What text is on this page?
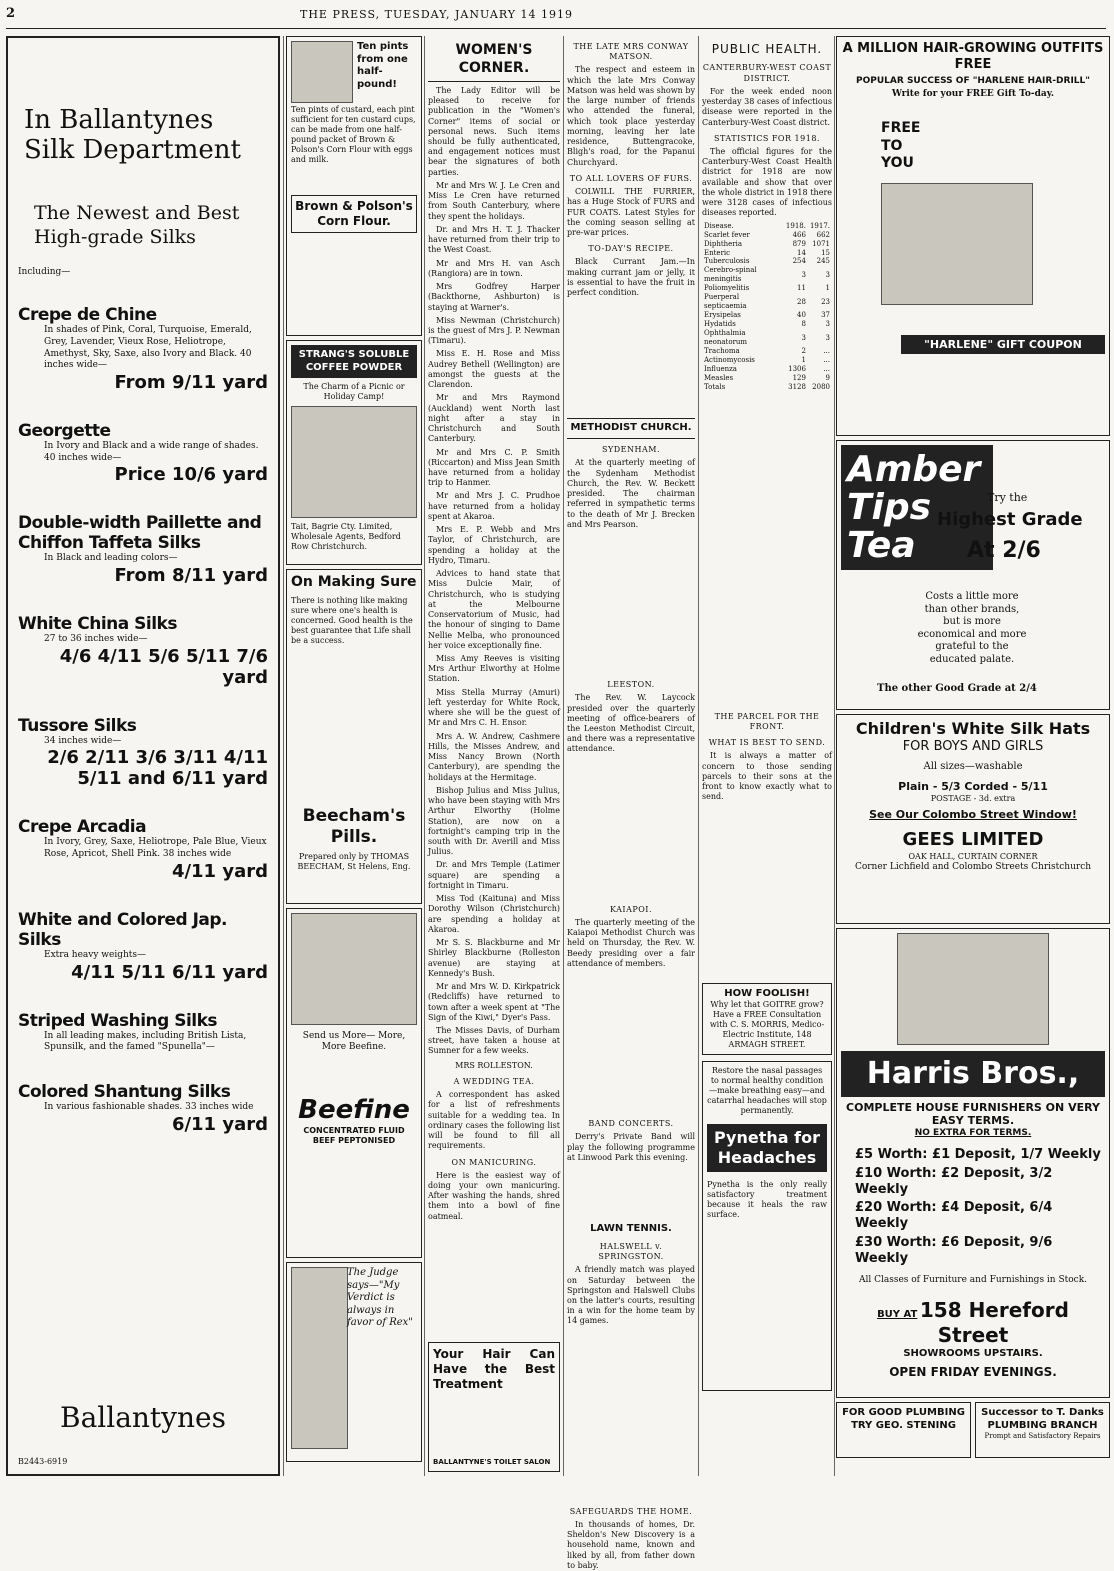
2	THE PRESS, TUESDAY, JANUARY 14 1919
In Ballantynes Silk Department
The Newest and Best High-grade Silks
Including—
Crepe de Chine
In shades of Pink, Coral, Turquoise, Emerald, Grey, Lavender, Vieux Rose, Heliotrope, Amethyst, Sky, Saxe, also Ivory and Black. 40 inches wide—
From 9/11 yard
Georgette
In Ivory and Black and a wide range of shades. 40 inches wide—
Price 10/6 yard
Double-width Paillette and Chiffon Taffeta Silks
In Black and leading colors—
From 8/11 yard
White China Silks
27 to 36 inches wide—
4/6 4/11 5/6 5/11 7/6 yard
Tussore Silks
34 inches wide—
2/6 2/11 3/6 3/11 4/11 5/11 and 6/11 yard
Crepe Arcadia
In Ivory, Grey, Saxe, Heliotrope, Pale Blue, Vieux Rose, Apricot, Shell Pink. 38 inches wide
4/11 yard
White and Colored Jap. Silks
Extra heavy weights—
4/11 5/11 6/11 yard
Striped Washing Silks
In all leading makes, including British Lista, Spunsilk, and the famed "Spunella"—
Colored Shantung Silks
In various fashionable shades. 33 inches wide
6/11 yard
Ballantynes
B2443-6919
Ten pints from one half-pound!
Ten pints of custard, each pint sufficient for ten custard cups, can be made from one half-pound packet of Brown & Polson's Corn Flour with eggs and milk.
Brown & Polson's Corn Flour.
STRANG'S SOLUBLE COFFEE POWDER
The Charm of a Picnic or Holiday Camp!
Tait, Bagrie Cty. Limited, Wholesale Agents, Bedford Row Christchurch.
On Making Sure
There is nothing like making sure where one's health is concerned. Good health is the best guarantee that Life shall be a success.
Beecham's Pills.
Prepared only by THOMAS BEECHAM, St Helens, Eng.
Send us More— More, More Beefine.
Beefine
CONCENTRATED FLUID BEEF PEPTONISED
The Judge says—"My Verdict is always in favor of Rex"
WOMEN'S CORNER.

The Lady Editor will be pleased to receive for publication in the "Women's Corner" items of social or personal news. Such items should be fully authenticated, and engagement notices must bear the signatures of both parties.

Mr and Mrs W. J. Le Cren and Miss Le Cren have returned from South Canterbury, where they spent the holidays.

Dr. and Mrs H. T. J. Thacker have returned from their trip to the West Coast.

Mr and Mrs H. van Asch (Rangiora) are in town.

Mrs Godfrey Harper (Backthorne, Ashburton) is staying at Warner's.

Miss Newman (Christchurch) is the guest of Mrs J. P. Newman (Timaru).

Miss E. H. Rose and Miss Audrey Bethell (Wellington) are amongst the guests at the Clarendon.

Mr and Mrs Raymond (Auckland) went North last night after a stay in Christchurch and South Canterbury.

Mr and Mrs C. P. Smith (Riccarton) and Miss Jean Smith have returned from a holiday trip to Hanmer.

Mr and Mrs J. C. Prudhoe have returned from a holiday spent at Akaroa.

Mrs E. P. Webb and Mrs Taylor, of Christchurch, are spending a holiday at the Hydro, Timaru.

Advices to hand state that Miss Dulcie Mair, of Christchurch, who is studying at the Melbourne Conservatorium of Music, had the honour of singing to Dame Nellie Melba, who pronounced her voice exceptionally fine.

Miss Amy Reeves is visiting Mrs Arthur Elworthy at Holme Station.

Miss Stella Murray (Amuri) left yesterday for White Rock, where she will be the guest of Mr and Mrs C. H. Ensor.

Mrs A. W. Andrew, Cashmere Hills, the Misses Andrew, and Miss Nancy Brown (North Canterbury), are spending the holidays at the Hermitage.

Bishop Julius and Miss Julius, who have been staying with Mrs Arthur Elworthy (Holme Station), are now on a fortnight's camping trip in the south with Dr. Averill and Miss Julius.

Dr. and Mrs Temple (Latimer square) are spending a fortnight in Timaru.

Miss Tod (Kaituna) and Miss Dorothy Wilson (Christchurch) are spending a holiday at Akaroa.

Mr S. S. Blackburne and Mr Shirley Blackburne (Rolleston avenue) are staying at Kennedy's Bush.

Mr and Mrs W. D. Kirkpatrick (Redcliffs) have returned to town after a week spent at "The Sign of the Kiwi," Dyer's Pass.

The Misses Davis, of Durham street, have taken a house at Sumner for a few weeks.

MRS ROLLESTON.
A WEDDING TEA.

A correspondent has asked for a list of refreshments suitable for a wedding tea. In ordinary cases the following list will be found to fill all requirements.

ON MANICURING.

Here is the easiest way of doing your own manicuring. After washing the hands, shred them into a bowl of fine oatmeal.

Your Hair Can Have the Best Treatment
BALLANTYNE'S TOILET SALON
THE LATE MRS CONWAY MATSON.

The respect and esteem in which the late Mrs Conway Matson was held was shown by the large number of friends who attended the funeral, which took place yesterday morning, leaving her late residence, Buttengracoke, Bligh's road, for the Papanui Churchyard.

TO ALL LOVERS OF FURS.

COLWILL THE FURRIER, has a Huge Stock of FURS and FUR COATS. Latest Styles for the coming season selling at pre-war prices.

TO-DAY'S RECIPE.

Black Currant Jam.—In making currant jam or jelly, it is essential to have the fruit in perfect condition.

METHODIST CHURCH.
SYDENHAM.

At the quarterly meeting of the Sydenham Methodist Church, the Rev. W. Beckett presided. The chairman referred in sympathetic terms to the death of Mr J. Brecken and Mrs Pearson.

LEESTON.

The Rev. W. Laycock presided over the quarterly meeting of office-bearers of the Leeston Methodist Circuit, and there was a representative attendance.

KAIAPOI.

The quarterly meeting of the Kaiapoi Methodist Church was held on Thursday, the Rev. W. Beedy presiding over a fair attendance of members.

BAND CONCERTS.

Derry's Private Band will play the following programme at Linwood Park this evening.

LAWN TENNIS.
HALSWELL v. SPRINGSTON.

A friendly match was played on Saturday between the Springston and Halswell Clubs on the latter's courts, resulting in a win for the home team by 14 games.

SAFEGUARDS THE HOME.

In thousands of homes, Dr. Sheldon's New Discovery is a household name, known and liked by all, from father down to baby.

PUBLIC HEALTH.
CANTERBURY-WEST COAST DISTRICT.

For the week ended noon yesterday 38 cases of infectious disease were reported in the Canterbury-West Coast district.

STATISTICS FOR 1918.

The official figures for the Canterbury-West Coast Health district for 1918 are now available and show that over the whole district in 1918 there were 3128 cases of infectious diseases reported.

Disease.	1918.	1917.
Scarlet fever	466	662
Diphtheria	879	1071
Enteric	14	15
Tuberculosis	254	245
Cerebro-spinal meningitis	3	3
Poliomyelitis	11	1
Puerperal septicaemia	28	23
Erysipelas	40	37
Hydatids	8	3
Ophthalmia neonatorum	3	3
Trachoma	2	...
Actinomycosis	1	...
Influenza	1306	...
Measles	129	9
Totals	3128	2080
THE PARCEL FOR THE FRONT.
WHAT IS BEST TO SEND.

It is always a matter of concern to those sending parcels to their sons at the front to know exactly what to send.

HOW FOOLISH!
Why let that GOITRE grow? Have a FREE Consultation with C. S. MORRIS, Medico-Electric Institute, 148 ARMAGH STREET.
Restore the nasal passages to normal healthy condition—make breathing easy—and catarrhal headaches will stop permanently.
Pynetha for Headaches
Pynetha is the only really satisfactory treatment because it heals the raw surface.
A MILLION HAIR-GROWING OUTFITS FREE
POPULAR SUCCESS OF "HARLENE HAIR-DRILL"
Write for your FREE Gift To-day.
FREE TO YOU
"HARLENE" GIFT COUPON
Amber Tips Tea
Try the
Highest Grade
At 2/6
Costs a little more than other brands, but is more economical and more grateful to the educated palate.
The other Good Grade at 2/4
Children's White Silk Hats
FOR BOYS AND GIRLS
All sizes—washable
Plain - 5/3 Corded - 5/11
POSTAGE - 3d. extra
See Our Colombo Street Window!
GEES LIMITED
OAK HALL, CURTAIN CORNER
Corner Lichfield and Colombo Streets Christchurch
Harris Bros.,
COMPLETE HOUSE FURNISHERS ON VERY EASY TERMS.
NO EXTRA FOR TERMS.
£5 Worth: £1 Deposit, 1/7 Weekly
£10 Worth: £2 Deposit, 3/2 Weekly
£20 Worth: £4 Deposit, 6/4 Weekly
£30 Worth: £6 Deposit, 9/6 Weekly
All Classes of Furniture and Furnishings in Stock.
BUY AT 158 Hereford Street
SHOWROOMS UPSTAIRS.
OPEN FRIDAY EVENINGS.
FOR GOOD PLUMBING TRY GEO. STENING
Successor to T. Danks PLUMBING BRANCH
Prompt and Satisfactory Repairs
